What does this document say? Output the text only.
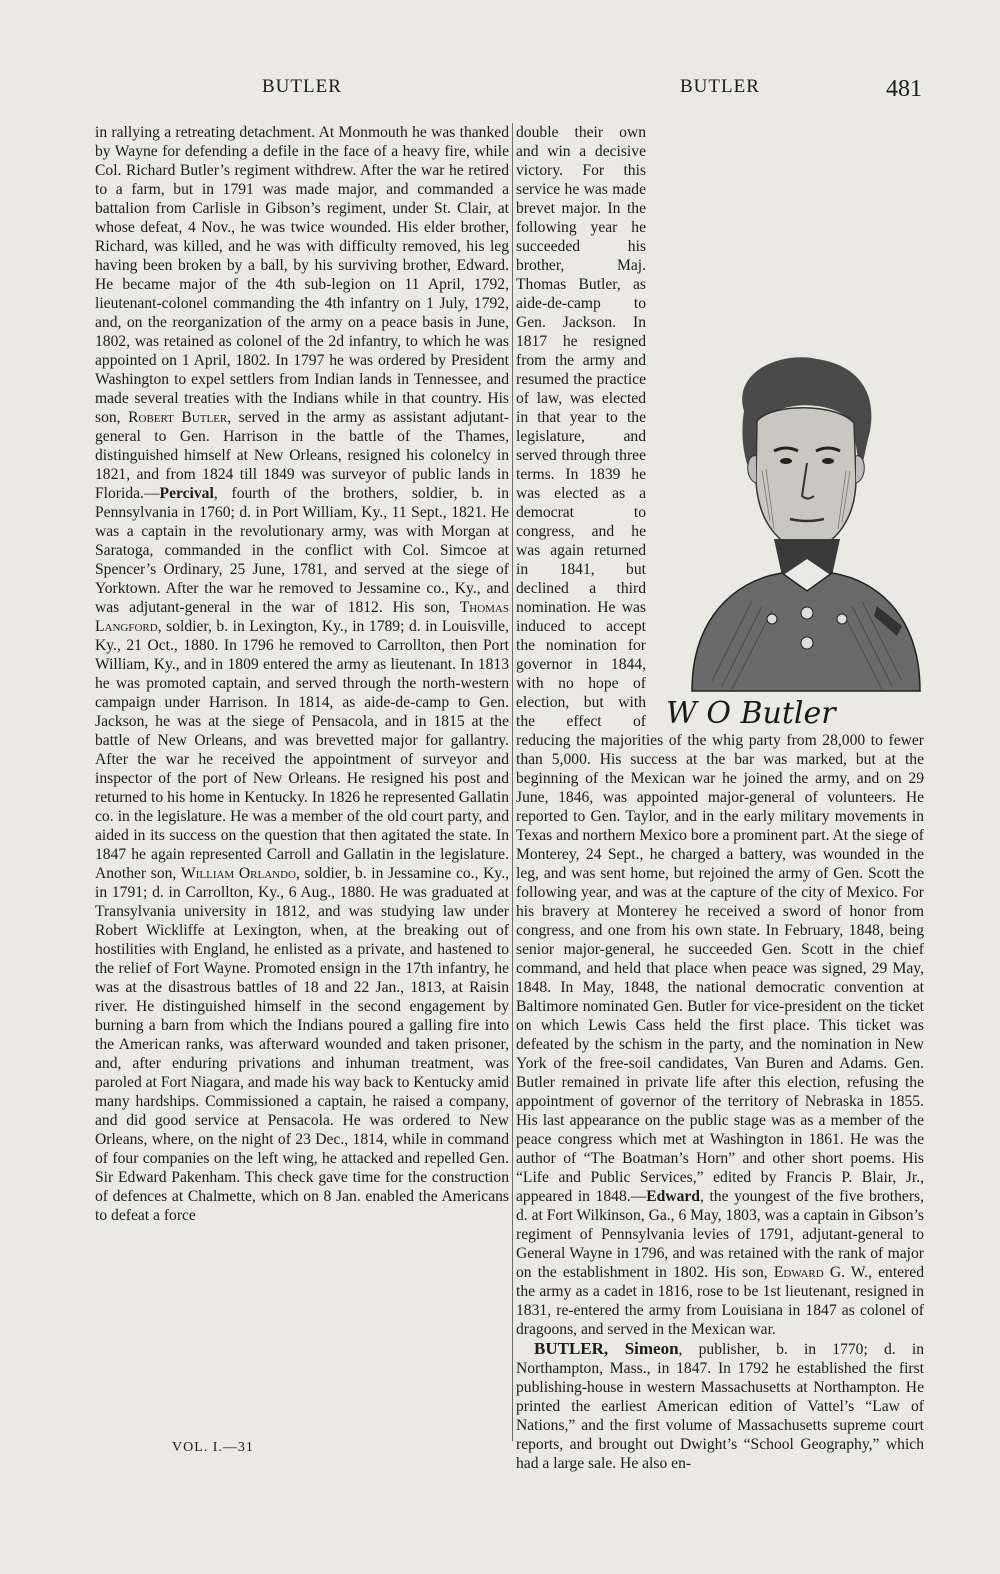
BUTLER	BUTLER	481

in rallying a retreating detachment. At Monmouth he was thanked by Wayne for defending a defile in the face of a heavy fire, while Col. Richard Butler’s regiment withdrew. After the war he retired to a farm, but in 1791 was made major, and commanded a battalion from Carlisle in Gibson’s regiment, under St. Clair, at whose defeat, 4 Nov., he was twice wounded. His elder brother, Richard, was killed, and he was with difficulty removed, his leg having been broken by a ball, by his surviving brother, Edward. He became major of the 4th sub-legion on 11 April, 1792, lieutenant-colonel commanding the 4th infantry on 1 July, 1792, and, on the reorganization of the army on a peace basis in June, 1802, was retained as colonel of the 2d infantry, to which he was appointed on 1 April, 1802. In 1797 he was ordered by President Washington to expel settlers from Indian lands in Tennessee, and made several treaties with the Indians while in that country. His son, Robert Butler, served in the army as assistant adjutant-general to Gen. Harrison in the battle of the Thames, distinguished himself at New Orleans, resigned his colonelcy in 1821, and from 1824 till 1849 was surveyor of public lands in Florida.—Percival, fourth of the brothers, soldier, b. in Pennsylvania in 1760; d. in Port William, Ky., 11 Sept., 1821. He was a captain in the revolutionary army, was with Morgan at Saratoga, commanded in the conflict with Col. Simcoe at Spencer’s Ordinary, 25 June, 1781, and served at the siege of Yorktown. After the war he removed to Jessamine co., Ky., and was adjutant-general in the war of 1812. His son, Thomas Langford, soldier, b. in Lexington, Ky., in 1789; d. in Louisville, Ky., 21 Oct., 1880. In 1796 he removed to Carrollton, then Port William, Ky., and in 1809 entered the army as lieutenant. In 1813 he was promoted captain, and served through the north-western campaign under Harrison. In 1814, as aide-de-camp to Gen. Jackson, he was at the siege of Pensacola, and in 1815 at the battle of New Orleans, and was brevetted major for gallantry. After the war he received the appointment of surveyor and inspector of the port of New Orleans. He resigned his post and returned to his home in Kentucky. In 1826 he represented Gallatin co. in the legislature. He was a member of the old court party, and aided in its success on the question that then agitated the state. In 1847 he again represented Carroll and Gallatin in the legislature. Another son, William Orlando, soldier, b. in Jessamine co., Ky., in 1791; d. in Carrollton, Ky., 6 Aug., 1880. He was graduated at Transylvania university in 1812, and was studying law under Robert Wickliffe at Lexington, when, at the breaking out of hostilities with England, he enlisted as a private, and hastened to the relief of Fort Wayne. Promoted ensign in the 17th infantry, he was at the disastrous battles of 18 and 22 Jan., 1813, at Raisin river. He distinguished himself in the second engagement by burning a barn from which the Indians poured a galling fire into the American ranks, was afterward wounded and taken prisoner, and, after enduring privations and inhuman treatment, was paroled at Fort Niagara, and made his way back to Kentucky amid many hardships. Commissioned a captain, he raised a company, and did good service at Pensacola. He was ordered to New Orleans, where, on the night of 23 Dec., 1814, while in command of four companies on the left wing, he attacked and repelled Gen. Sir Edward Pakenham. This check gave time for the construction of defences at Chalmette, which on 8 Jan. enabled the Americans to defeat a force

W O Butler

double their own and win a decisive victory. For this service he was made brevet major. In the following year he succeeded his brother, Maj. Thomas Butler, as aide-de-camp to Gen. Jackson. In 1817 he resigned from the army and resumed the practice of law, was elected in that year to the legislature, and served through three terms. In 1839 he was elected as a democrat to congress, and he was again returned in 1841, but declined a third nomination. He was induced to accept the nomination for governor in 1844, with no hope of election, but with the effect of reducing the majorities of the whig party from 28,000 to fewer than 5,000. His success at the bar was marked, but at the beginning of the Mexican war he joined the army, and on 29 June, 1846, was appointed major-general of volunteers. He reported to Gen. Taylor, and in the early military movements in Texas and northern Mexico bore a prominent part. At the siege of Monterey, 24 Sept., he charged a battery, was wounded in the leg, and was sent home, but rejoined the army of Gen. Scott the following year, and was at the capture of the city of Mexico. For his bravery at Monterey he received a sword of honor from congress, and one from his own state. In February, 1848, being senior major-general, he succeeded Gen. Scott in the chief command, and held that place when peace was signed, 29 May, 1848. In May, 1848, the national democratic convention at Baltimore nominated Gen. Butler for vice-president on the ticket on which Lewis Cass held the first place. This ticket was defeated by the schism in the party, and the nomination in New York of the free-soil candidates, Van Buren and Adams. Gen. Butler remained in private life after this election, refusing the appointment of governor of the territory of Nebraska in 1855. His last appearance on the public stage was as a member of the peace congress which met at Washington in 1861. He was the author of “The Boatman’s Horn” and other short poems. His “Life and Public Services,” edited by Francis P. Blair, Jr., appeared in 1848.—Edward, the youngest of the five brothers, d. at Fort Wilkinson, Ga., 6 May, 1803, was a captain in Gibson’s regiment of Pennsylvania levies of 1791, adjutant-general to General Wayne in 1796, and was retained with the rank of major on the establishment in 1802. His son, Edward G. W., entered the army as a cadet in 1816, rose to be 1st lieutenant, resigned in 1831, re-entered the army from Louisiana in 1847 as colonel of dragoons, and served in the Mexican war.

BUTLER, Simeon, publisher, b. in 1770; d. in Northampton, Mass., in 1847. In 1792 he established the first publishing-house in western Massachusetts at Northampton. He printed the earliest American edition of Vattel’s “Law of Nations,” and the first volume of Massachusetts supreme court reports, and brought out Dwight’s “School Geography,” which had a large sale. He also en-

VOL. I.—31
